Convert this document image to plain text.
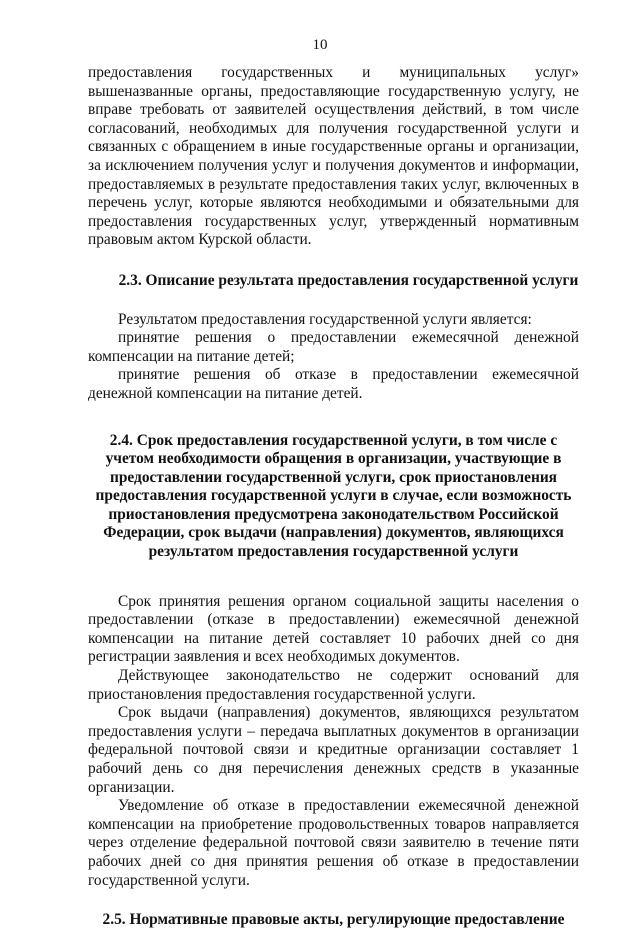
10

предоставления государственных и муниципальных услуг» вышеназванные органы, предоставляющие государственную услугу, не вправе требовать от заявителей осуществления действий, в том числе согласований, необходимых для получения государственной услуги и связанных с обращением в иные государственные органы и организации, за исключением получения услуг и получения документов и информации, предоставляемых в результате предоставления таких услуг, включенных в перечень услуг, которые являются необходимыми и обязательными для предоставления государственных услуг, утвержденный нормативным правовым актом Курской области.

2.3. Описание результата предоставления государственной услуги

Результатом предоставления государственной услуги является:

принятие решения о предоставлении ежемесячной денежной компенсации на питание детей;

принятие решения об отказе в предоставлении ежемесячной денежной компенсации на питание детей.

2.4. Срок предоставления государственной услуги, в том числе с учетом необходимости обращения в организации, участвующие в предоставлении государственной услуги, срок приостановления предоставления государственной услуги в случае, если возможность приостановления предусмотрена законодательством Российской Федерации, срок выдачи (направления) документов, являющихся результатом предоставления государственной услуги

Срок принятия решения органом социальной защиты населения о предоставлении (отказе в предоставлении) ежемесячной денежной компенсации на питание детей составляет 10 рабочих дней со дня регистрации заявления и всех необходимых документов.

Действующее законодательство не содержит оснований для приостановления предоставления государственной услуги.

Срок выдачи (направления) документов, являющихся результатом предоставления услуги – передача выплатных документов в организации федеральной почтовой связи и кредитные организации составляет 1 рабочий день со дня перечисления денежных средств в указанные организации.

Уведомление об отказе в предоставлении ежемесячной денежной компенсации на приобретение продовольственных товаров направляется через отделение федеральной почтовой связи заявителю в течение пяти рабочих дней со дня принятия решения об отказе в предоставлении государственной услуги.

2.5. Нормативные правовые акты, регулирующие предоставление
